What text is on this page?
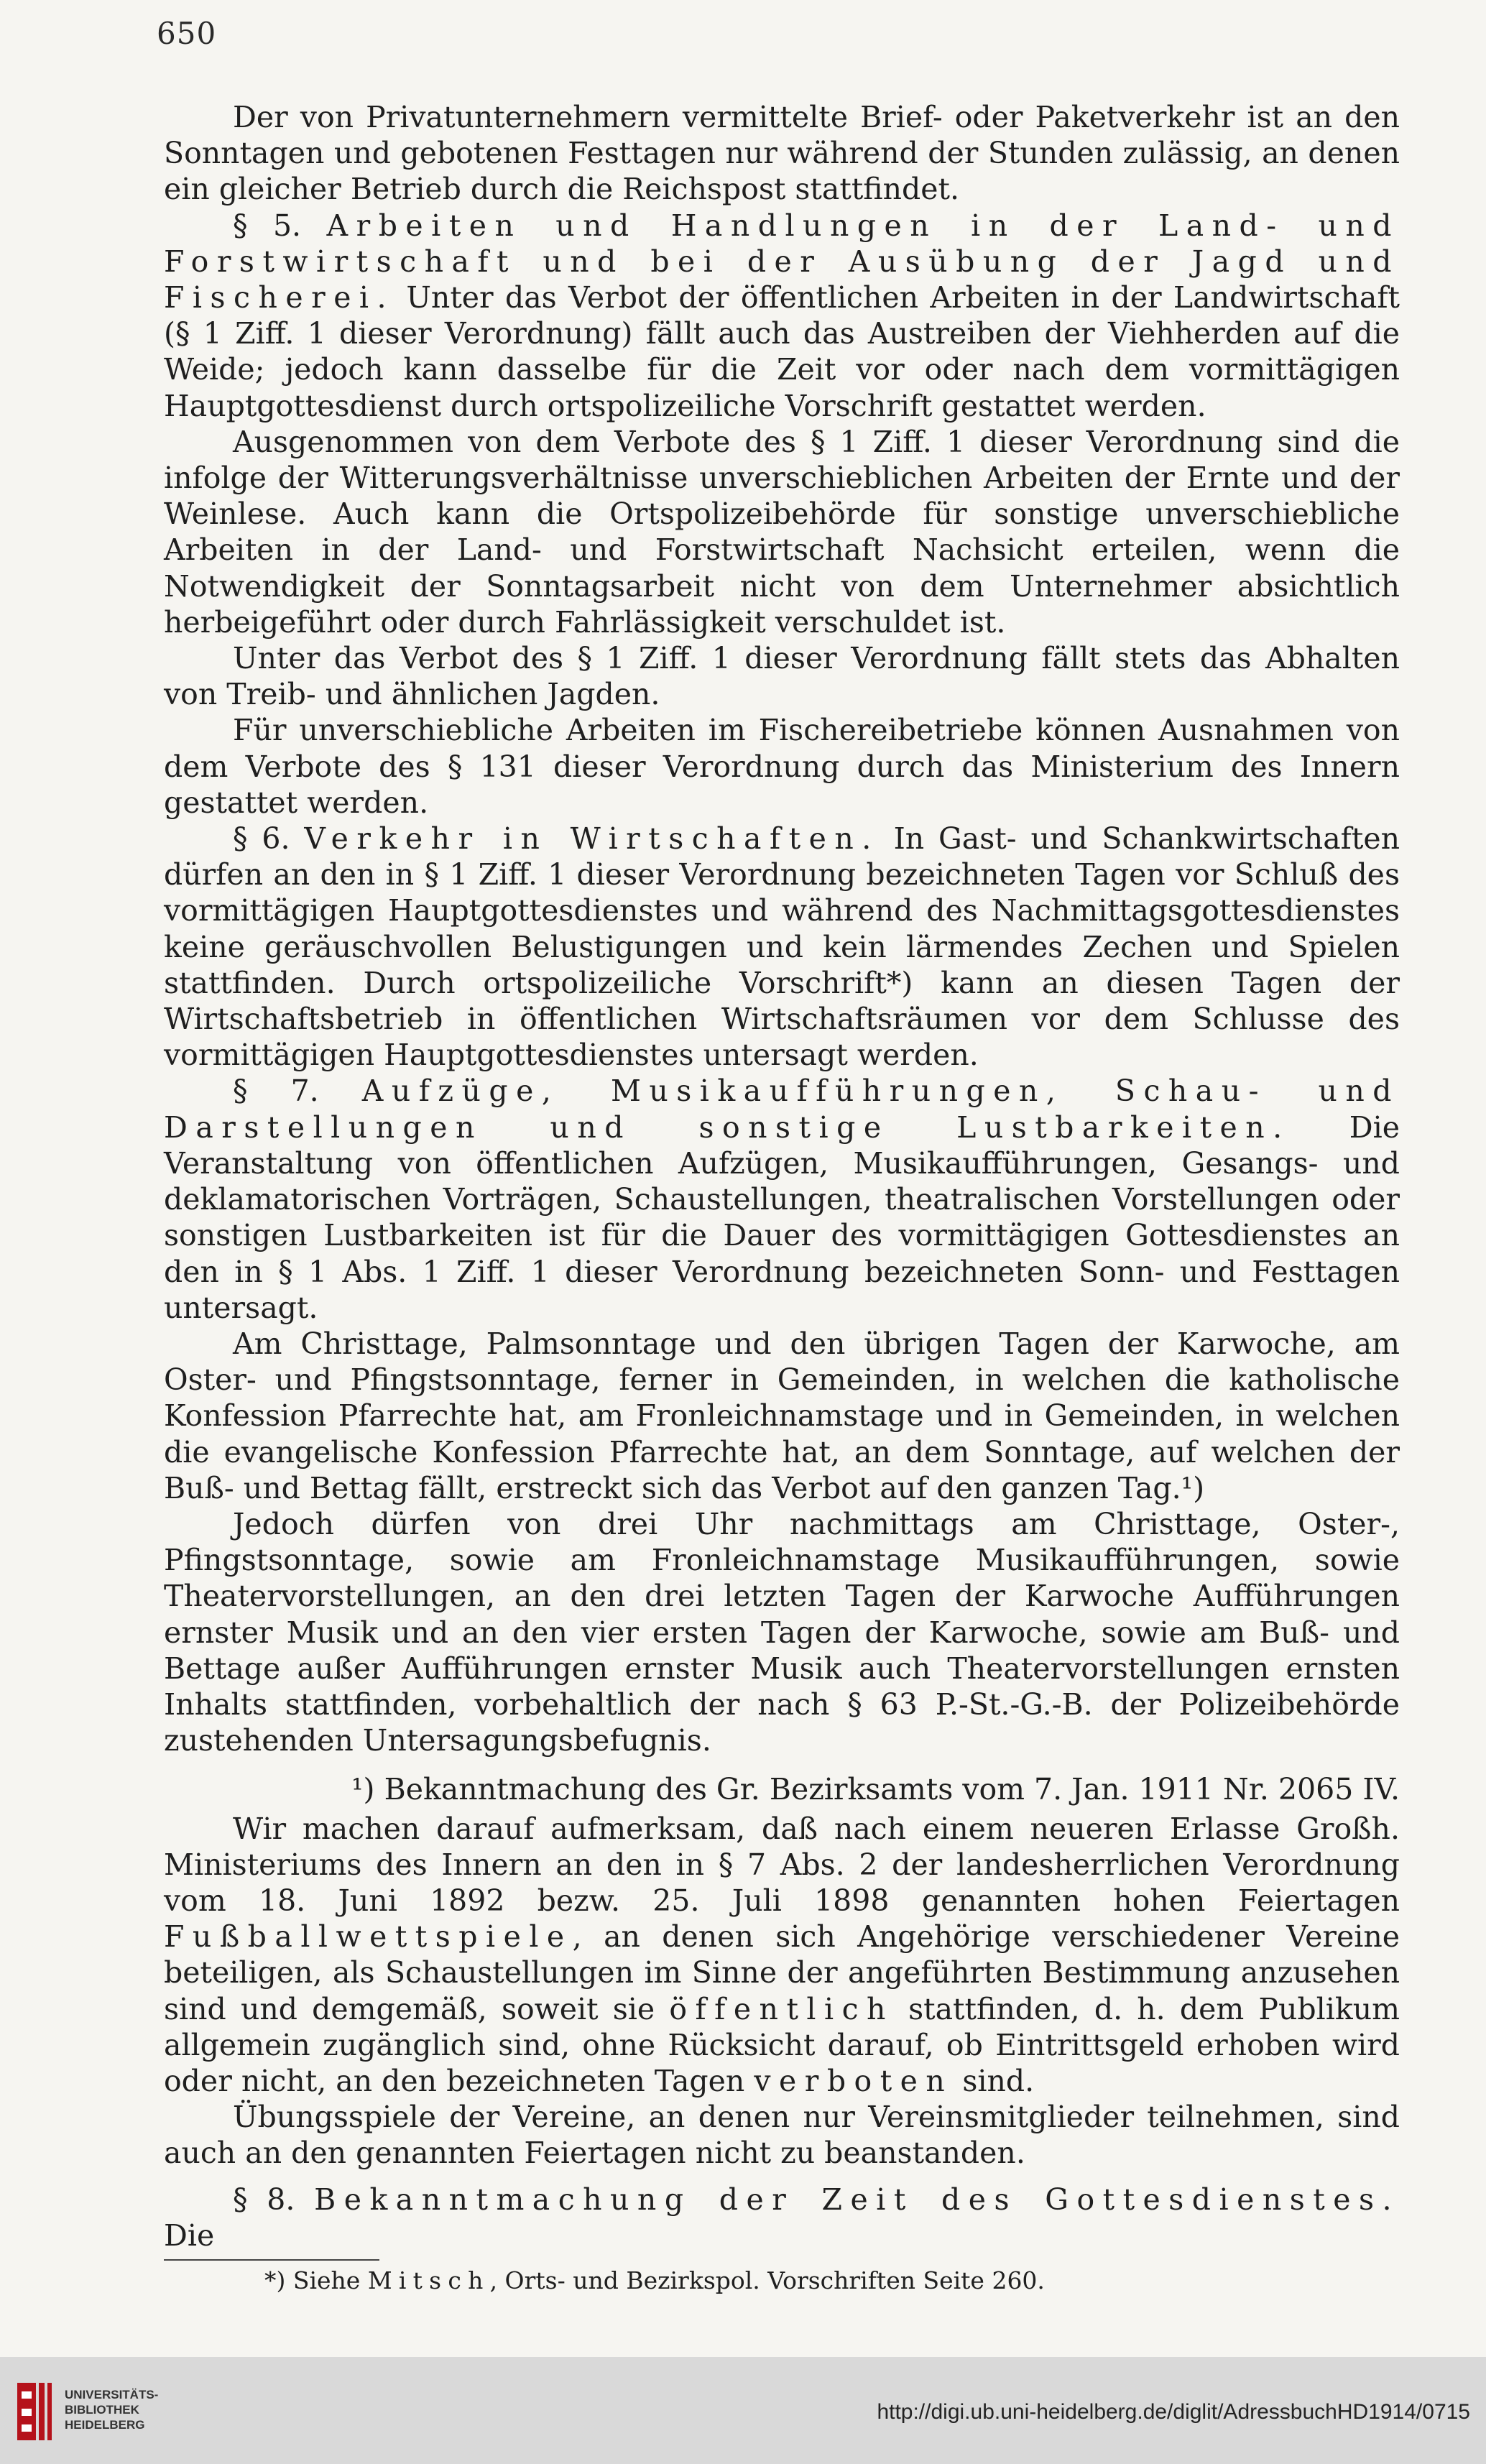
650

Der von Privatunternehmern vermittelte Brief- oder Paketverkehr ist an den Sonntagen und gebotenen Festtagen nur während der Stunden zulässig, an denen ein gleicher Betrieb durch die Reichspost stattfindet.

§ 5. Arbeiten und Handlungen in der Land- und Forstwirtschaft und bei der Ausübung der Jagd und Fischerei. Unter das Verbot der öffentlichen Arbeiten in der Landwirtschaft (§ 1 Ziff. 1 dieser Verordnung) fällt auch das Austreiben der Viehherden auf die Weide; jedoch kann dasselbe für die Zeit vor oder nach dem vormittägigen Hauptgottesdienst durch ortspolizeiliche Vorschrift gestattet werden.

Ausgenommen von dem Verbote des § 1 Ziff. 1 dieser Verordnung sind die infolge der Witterungsverhältnisse unverschieblichen Arbeiten der Ernte und der Weinlese. Auch kann die Ortspolizeibehörde für sonstige unverschiebliche Arbeiten in der Land- und Forstwirtschaft Nachsicht erteilen, wenn die Notwendigkeit der Sonntagsarbeit nicht von dem Unternehmer absichtlich herbeigeführt oder durch Fahrlässigkeit verschuldet ist.

Unter das Verbot des § 1 Ziff. 1 dieser Verordnung fällt stets das Abhalten von Treib- und ähnlichen Jagden.

Für unverschiebliche Arbeiten im Fischereibetriebe können Ausnahmen von dem Verbote des § 131 dieser Verordnung durch das Ministerium des Innern gestattet werden.

§ 6. Verkehr in Wirtschaften. In Gast- und Schankwirtschaften dürfen an den in § 1 Ziff. 1 dieser Verordnung bezeichneten Tagen vor Schluß des vormittägigen Hauptgottesdienstes und während des Nachmittagsgottesdienstes keine geräuschvollen Belustigungen und kein lärmendes Zechen und Spielen stattfinden. Durch ortspolizeiliche Vorschrift*) kann an diesen Tagen der Wirtschaftsbetrieb in öffentlichen Wirtschaftsräumen vor dem Schlusse des vormittägigen Hauptgottesdienstes untersagt werden.

§ 7. Aufzüge, Musikaufführungen, Schau- und Darstellungen und sonstige Lustbarkeiten. Die Veranstaltung von öffentlichen Aufzügen, Musikaufführungen, Gesangs- und deklamatorischen Vorträgen, Schaustellungen, theatralischen Vorstellungen oder sonstigen Lustbarkeiten ist für die Dauer des vormittägigen Gottesdienstes an den in § 1 Abs. 1 Ziff. 1 dieser Verordnung bezeichneten Sonn- und Festtagen untersagt.

Am Christtage, Palmsonntage und den übrigen Tagen der Karwoche, am Oster- und Pfingstsonntage, ferner in Gemeinden, in welchen die katholische Konfession Pfarrechte hat, am Fronleichnamstage und in Gemeinden, in welchen die evangelische Konfession Pfarrechte hat, an dem Sonntage, auf welchen der Buß- und Bettag fällt, erstreckt sich das Verbot auf den ganzen Tag.¹)

Jedoch dürfen von drei Uhr nachmittags am Christtage, Oster-, Pfingstsonntage, sowie am Fronleichnamstage Musikaufführungen, sowie Theatervorstellungen, an den drei letzten Tagen der Karwoche Aufführungen ernster Musik und an den vier ersten Tagen der Karwoche, sowie am Buß- und Bettage außer Aufführungen ernster Musik auch Theatervorstellungen ernsten Inhalts stattfinden, vorbehaltlich der nach § 63 P.-St.-G.-B. der Polizeibehörde zustehenden Untersagungsbefugnis.

¹) Bekanntmachung des Gr. Bezirksamts vom 7. Jan. 1911 Nr. 2065 IV.

Wir machen darauf aufmerksam, daß nach einem neueren Erlasse Großh. Ministeriums des Innern an den in § 7 Abs. 2 der landesherrlichen Verordnung vom 18. Juni 1892 bezw. 25. Juli 1898 genannten hohen Feiertagen Fußballwettspiele, an denen sich Angehörige verschiedener Vereine beteiligen, als Schaustellungen im Sinne der angeführten Bestimmung anzusehen sind und demgemäß, soweit sie öffentlich stattfinden, d. h. dem Publikum allgemein zugänglich sind, ohne Rücksicht darauf, ob Eintrittsgeld erhoben wird oder nicht, an den bezeichneten Tagen verboten sind.

Übungsspiele der Vereine, an denen nur Vereinsmitglieder teilnehmen, sind auch an den genannten Feiertagen nicht zu beanstanden.

§ 8. Bekanntmachung der Zeit des Gottesdienstes. Die

*) Siehe Mitsch, Orts- und Bezirkspol. Vorschriften Seite 260.

UNIVERSITÄTS-
BIBLIOTHEK
HEIDELBERG
http://digi.ub.uni-heidelberg.de/diglit/AdressbuchHD1914/0715
